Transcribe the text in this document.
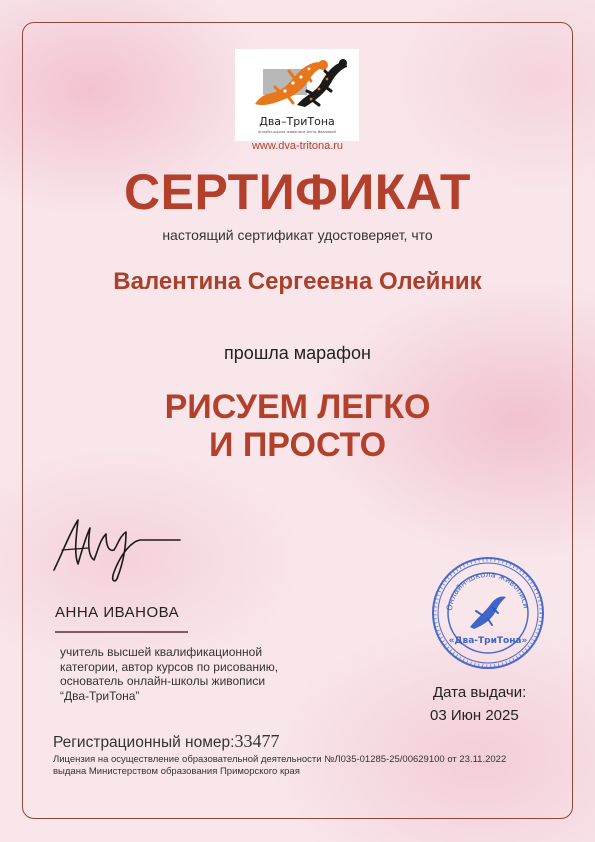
Два–ТриТона
онлайн-школа живописи Анны Ивановой
www.dva-tritona.ru
СЕРТИФИКАТ
настоящий сертификат удостоверяет, что
Валентина Сергеевна Олейник
прошла марафон
РИСУЕМ ЛЕГКО
И ПРОСТО
АННА ИВАНОВА
учитель высшей квалификационной
категории, автор курсов по рисованию,
основатель онлайн-школы живописи
“Два-ТриТона”
Онлайн-школа живописи
«Два-ТриТона»
Дата выдачи:
03 Июн 2025
Регистрационный номер:33477
Лицензия на осуществление образовательной деятельности №Л035-01285-25/00629100 от 23.11.2022
выдана Министерством образования Приморского края
